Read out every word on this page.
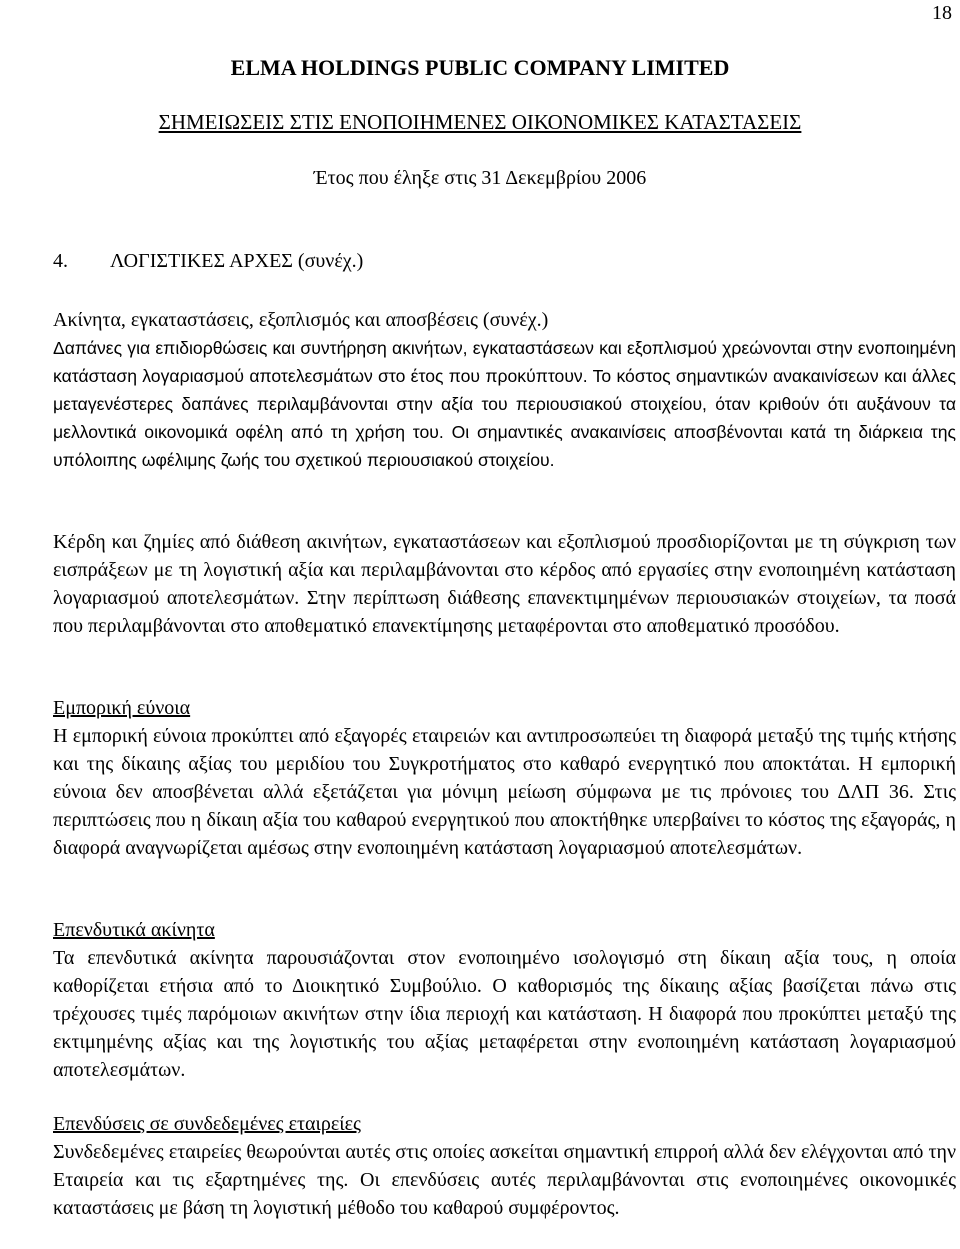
18
ELMA HOLDINGS PUBLIC COMPANY LIMITED
ΣΗΜΕΙΩΣΕΙΣ ΣΤΙΣ ΕΝΟΠΟΙΗΜΕΝΕΣ ΟΙΚΟΝΟΜΙΚΕΣ ΚΑΤΑΣΤΑΣΕΙΣ
Έτος που έληξε στις 31 Δεκεμβρίου 2006
4. ΛΟΓΙΣΤΙΚΕΣ ΑΡΧΕΣ (συνέχ.)
Ακίνητα, εγκαταστάσεις, εξοπλισμός και αποσβέσεις (συνέχ.)

Δαπάνες για επιδιορθώσεις και συντήρηση ακινήτων, εγκαταστάσεων και εξοπλισμού χρεώνονται στην ενοποιημένη κατάσταση λογαριασμού αποτελεσμάτων στο έτος που προκύπτουν. Το κόστος σημαντικών ανακαινίσεων και άλλες μεταγενέστερες δαπάνες περιλαμβάνονται στην αξία του περιουσιακού στοιχείου, όταν κριθούν ότι αυξάνουν τα μελλοντικά οικονομικά οφέλη από τη χρήση του. Οι σημαντικές ανακαινίσεις αποσβένονται κατά τη διάρκεια της υπόλοιπης ωφέλιμης ζωής του σχετικού περιουσιακού στοιχείου.

Κέρδη και ζημίες από διάθεση ακινήτων, εγκαταστάσεων και εξοπλισμού προσδιορίζονται με τη σύγκριση των εισπράξεων με τη λογιστική αξία και περιλαμβάνονται στο κέρδος από εργασίες στην ενοποιημένη κατάσταση λογαριασμού αποτελεσμάτων. Στην περίπτωση διάθεσης επανεκτιμημένων περιουσιακών στοιχείων, τα ποσά που περιλαμβάνονται στο αποθεματικό επανεκτίμησης μεταφέρονται στο αποθεματικό προσόδου.

Εμπορική εύνοια

Η εμπορική εύνοια προκύπτει από εξαγορές εταιρειών και αντιπροσωπεύει τη διαφορά μεταξύ της τιμής κτήσης και της δίκαιης αξίας του μεριδίου του Συγκροτήματος στο καθαρό ενεργητικό που αποκτάται. Η εμπορική εύνοια δεν αποσβένεται αλλά εξετάζεται για μόνιμη μείωση σύμφωνα με τις πρόνοιες του ΔΛΠ 36. Στις περιπτώσεις που η δίκαιη αξία του καθαρού ενεργητικού που αποκτήθηκε υπερβαίνει το κόστος της εξαγοράς, η διαφορά αναγνωρίζεται αμέσως στην ενοποιημένη κατάσταση λογαριασμού αποτελεσμάτων.

Επενδυτικά ακίνητα

Τα επενδυτικά ακίνητα παρουσιάζονται στον ενοποιημένο ισολογισμό στη δίκαιη αξία τους, η οποία καθορίζεται ετήσια από το Διοικητικό Συμβούλιο. Ο καθορισμός της δίκαιης αξίας βασίζεται πάνω στις τρέχουσες τιμές παρόμοιων ακινήτων στην ίδια περιοχή και κατάσταση. Η διαφορά που προκύπτει μεταξύ της εκτιμημένης αξίας και της λογιστικής του αξίας μεταφέρεται στην ενοποιημένη κατάσταση λογαριασμού αποτελεσμάτων.

Επενδύσεις σε συνδεδεμένες εταιρείες

Συνδεδεμένες εταιρείες θεωρούνται αυτές στις οποίες ασκείται σημαντική επιρροή αλλά δεν ελέγχονται από την Εταιρεία και τις εξαρτημένες της. Οι επενδύσεις αυτές περιλαμβάνονται στις ενοποιημένες οικονομικές καταστάσεις με βάση τη λογιστική μέθοδο του καθαρού συμφέροντος.
